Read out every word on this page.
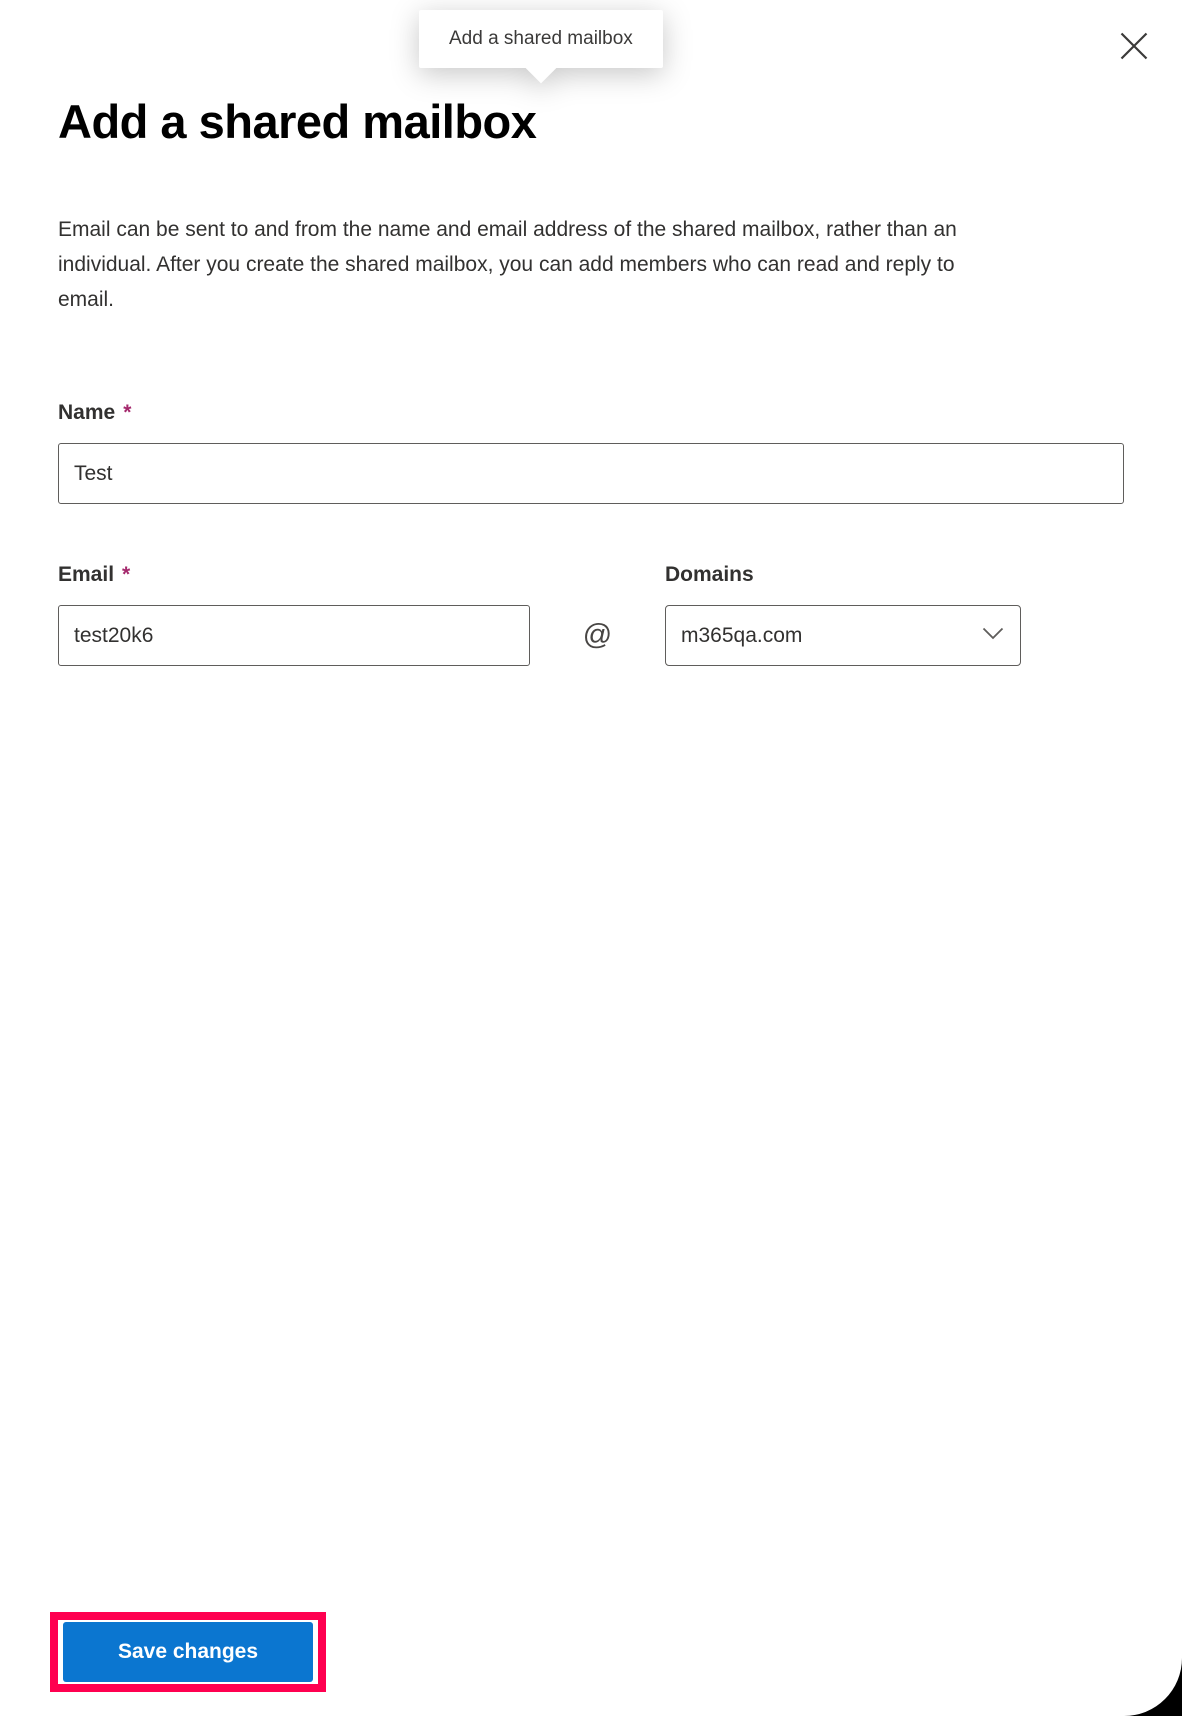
Add a shared mailbox
Add a shared mailbox

Email can be sent to and from the name and email address of the shared mailbox, rather than an individual. After you create the shared mailbox, you can add members who can read and reply to email.

Name *
Test
Email *
test20k6
@
Domains
m365qa.com
Save changes
